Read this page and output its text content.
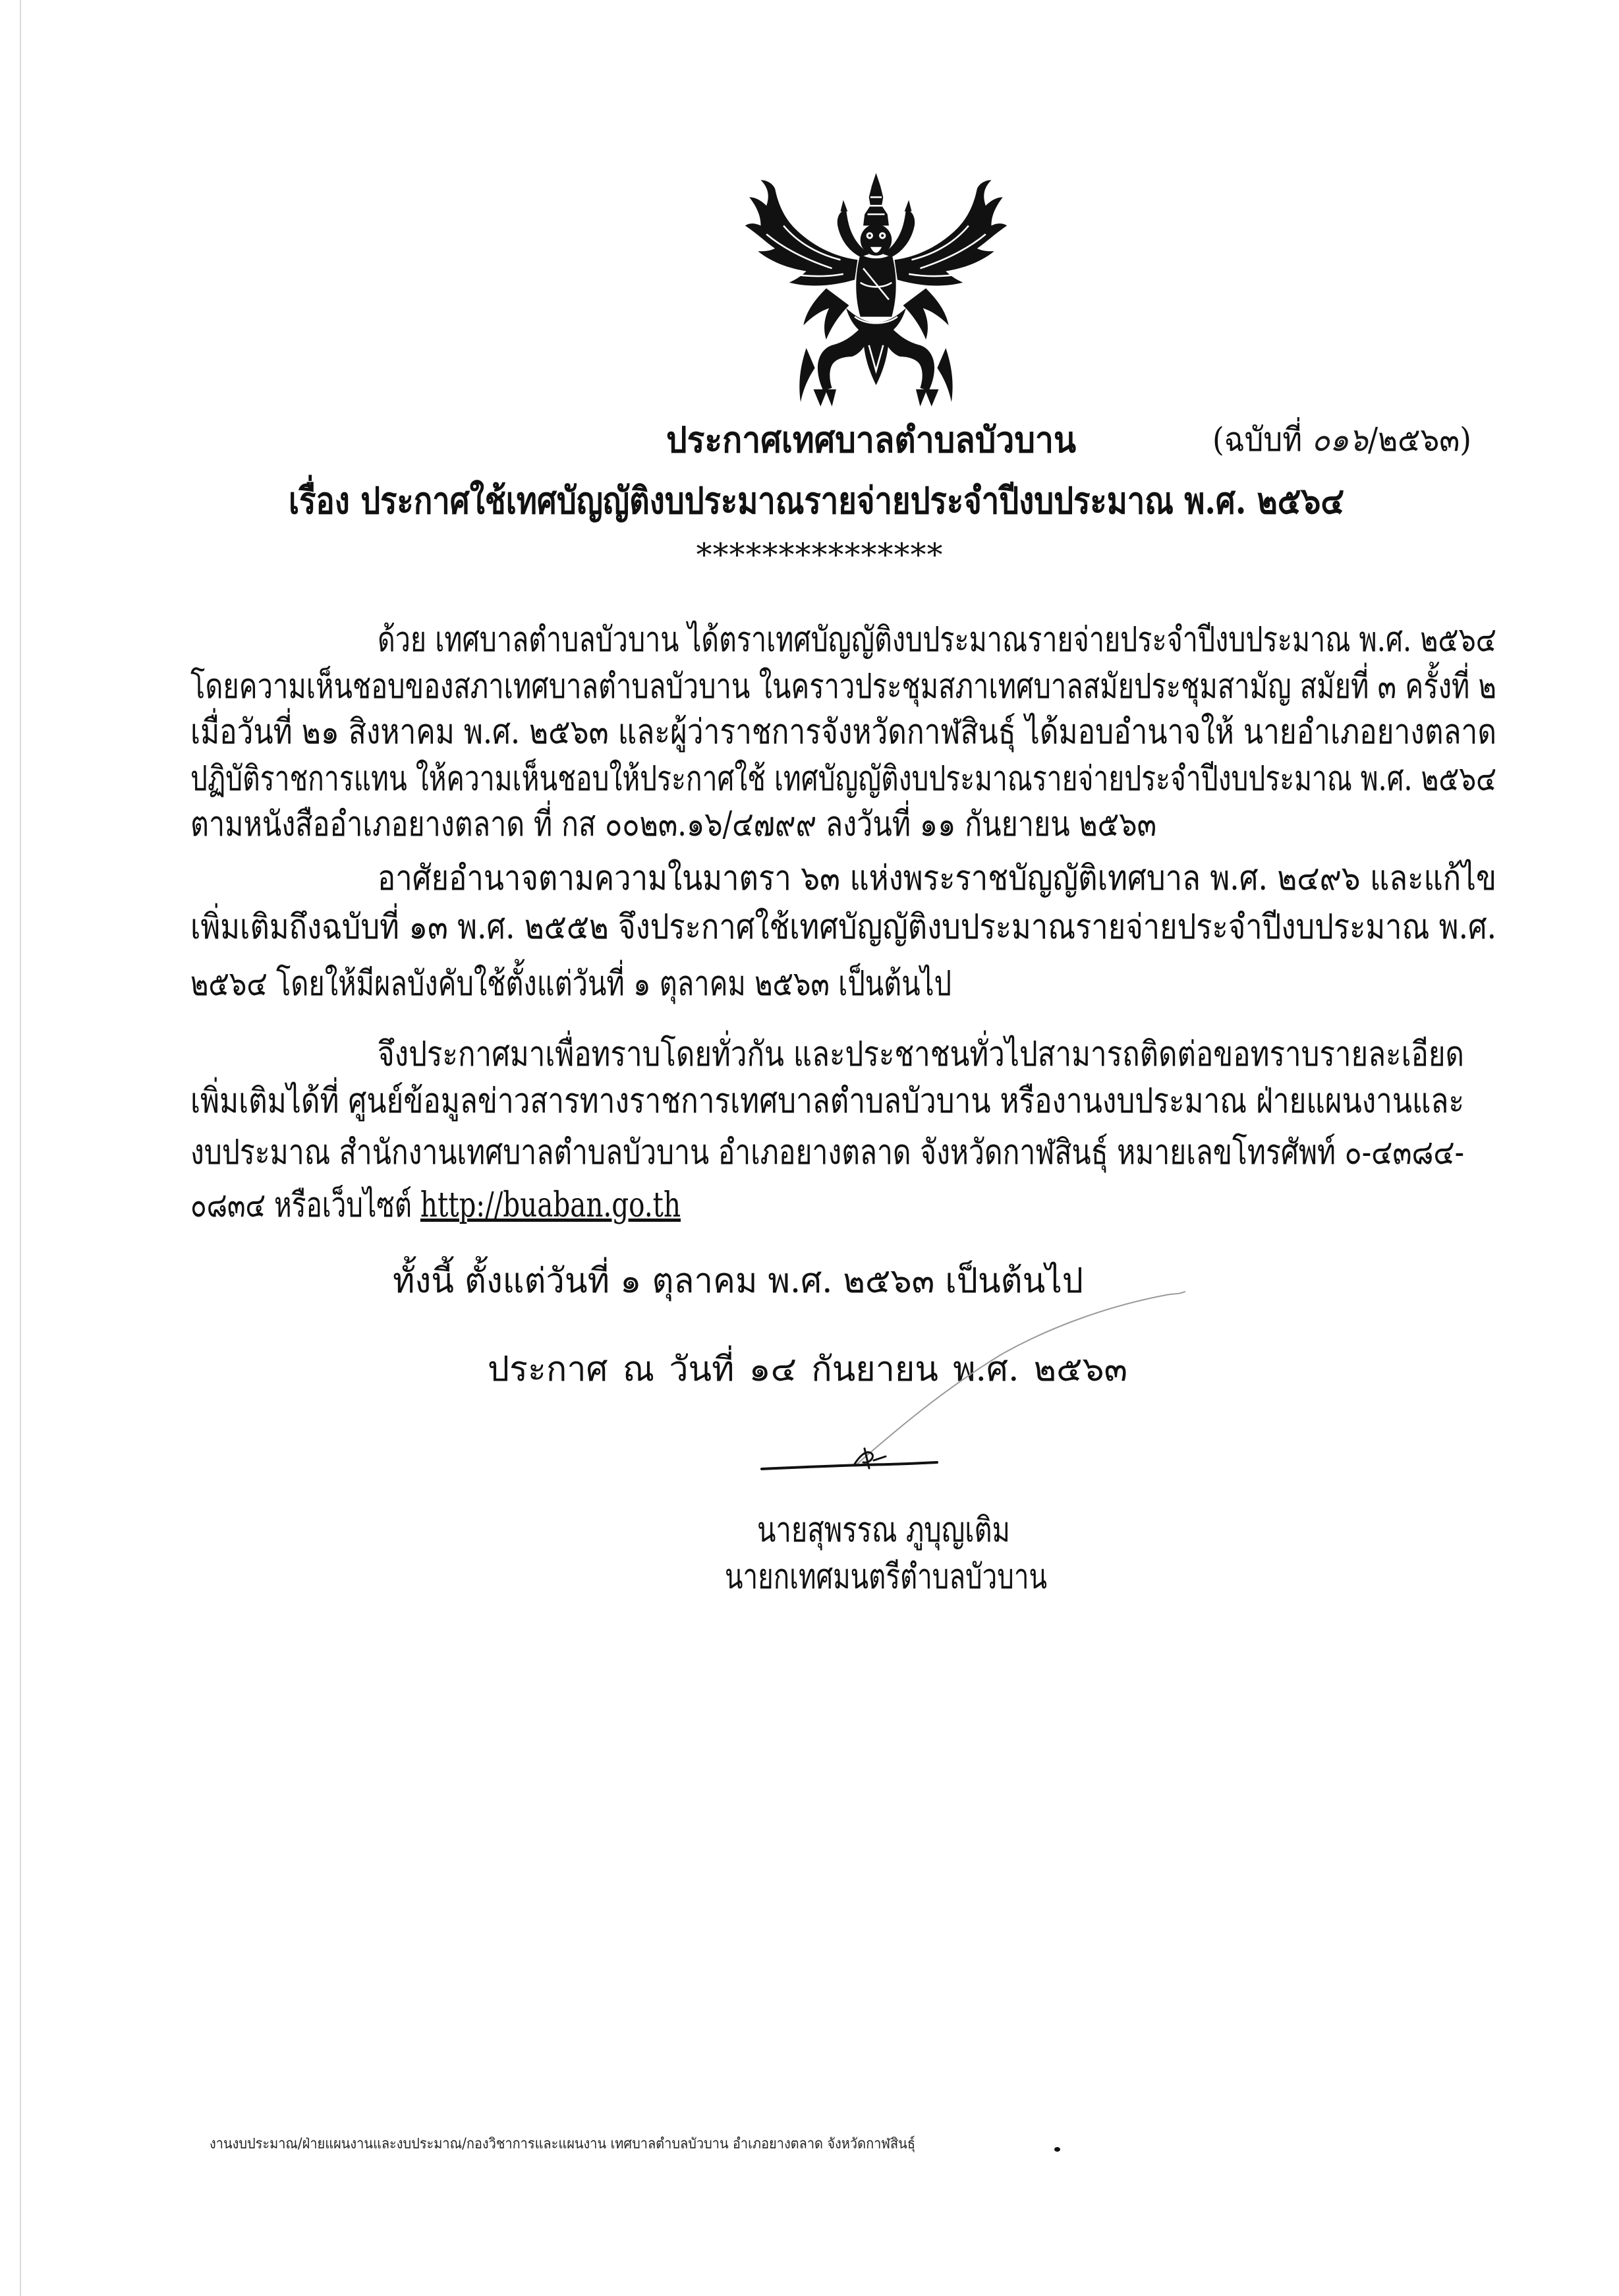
ประกาศเทศบาลตำบลบัวบาน	(ฉบับที่ ๐๑๖/๒๕๖๓)
เรื่อง ประกาศใช้เทศบัญญัติงบประมาณรายจ่ายประจำปีงบประมาณ พ.ศ. ๒๕๖๔
***************
ด้วย เทศบาลตำบลบัวบาน ได้ตราเทศบัญญัติงบประมาณรายจ่ายประจำปีงบประมาณ พ.ศ. ๒๕๖๔
โดยความเห็นชอบของสภาเทศบาลตำบลบัวบาน ในคราวประชุมสภาเทศบาลสมัยประชุมสามัญ สมัยที่ ๓ ครั้งที่ ๒
เมื่อวันที่ ๒๑ สิงหาคม พ.ศ. ๒๕๖๓ และผู้ว่าราชการจังหวัดกาฬสินธุ์ ได้มอบอำนาจให้ นายอำเภอยางตลาด
ปฏิบัติราชการแทน ให้ความเห็นชอบให้ประกาศใช้ เทศบัญญัติงบประมาณรายจ่ายประจำปีงบประมาณ พ.ศ. ๒๕๖๔
ตามหนังสืออำเภอยางตลาด ที่ กส ๐๐๒๓.๑๖/๔๗๙๙ ลงวันที่ ๑๑ กันยายน ๒๕๖๓
อาศัยอำนาจตามความในมาตรา ๖๓ แห่งพระราชบัญญัติเทศบาล พ.ศ. ๒๔๙๖ และแก้ไข
เพิ่มเติมถึงฉบับที่ ๑๓ พ.ศ. ๒๕๕๒ จึงประกาศใช้เทศบัญญัติงบประมาณรายจ่ายประจำปีงบประมาณ พ.ศ.
๒๕๖๔ โดยให้มีผลบังคับใช้ตั้งแต่วันที่ ๑ ตุลาคม ๒๕๖๓ เป็นต้นไป
จึงประกาศมาเพื่อทราบโดยทั่วกัน และประชาชนทั่วไปสามารถติดต่อขอทราบรายละเอียด
เพิ่มเติมได้ที่ ศูนย์ข้อมูลข่าวสารทางราชการเทศบาลตำบลบัวบาน หรืองานงบประมาณ ฝ่ายแผนงานและ
งบประมาณ สำนักงานเทศบาลตำบลบัวบาน อำเภอยางตลาด จังหวัดกาฬสินธุ์ หมายเลขโทรศัพท์ ๐-๔๓๘๔-
๐๘๓๔ หรือเว็บไซต์ http://buaban.go.th
ทั้งนี้ ตั้งแต่วันที่ ๑ ตุลาคม พ.ศ. ๒๕๖๓ เป็นต้นไป
ประกาศ ณ วันที่ ๑๔ กันยายน พ.ศ. ๒๕๖๓
นายสุพรรณ ภูบุญเติม
นายกเทศมนตรีตำบลบัวบาน
งานงบประมาณ/ฝ่ายแผนงานและงบประมาณ/กองวิชาการและแผนงาน เทศบาลตำบลบัวบาน อำเภอยางตลาด จังหวัดกาฬสินธุ์
